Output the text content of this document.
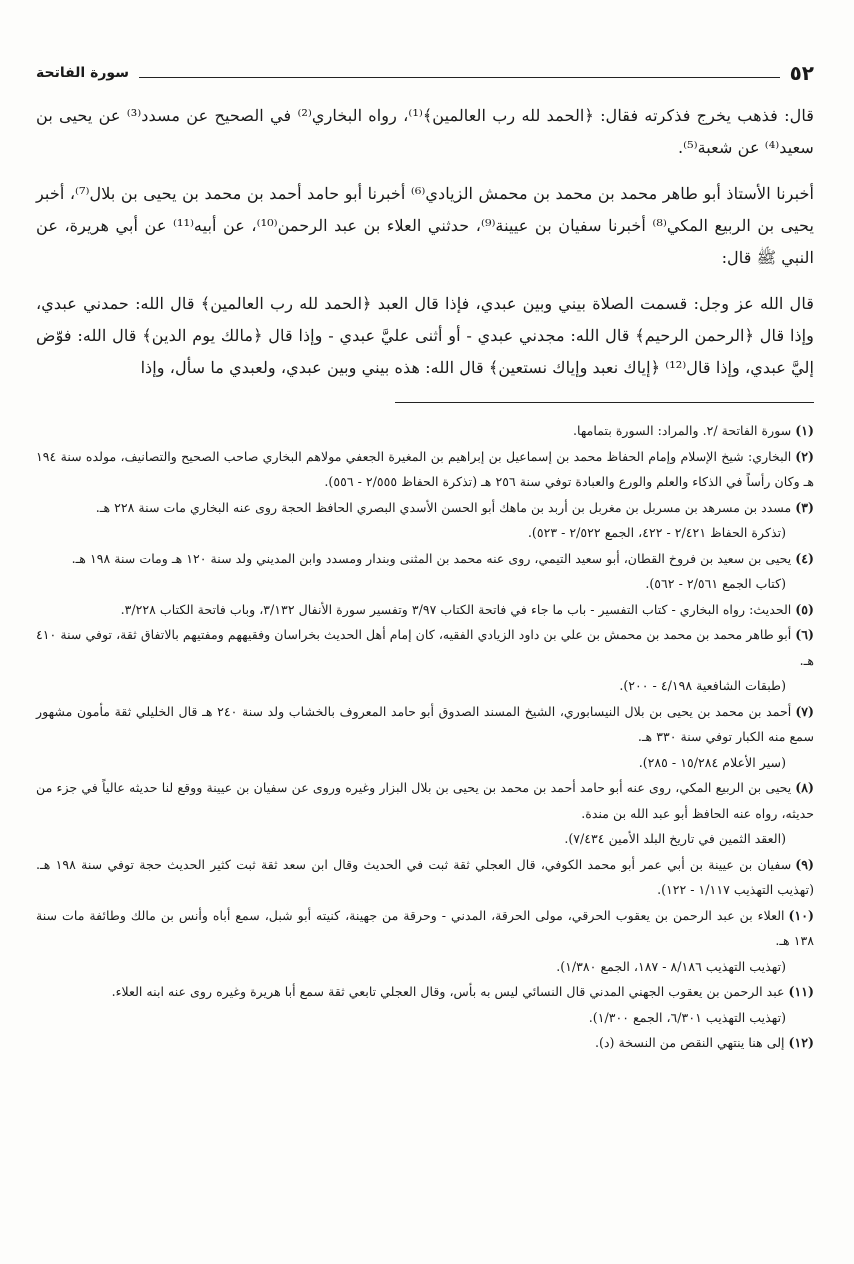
٥٢
سورة الفاتحة

قال: فذهب يخرج فذكرته فقال: ﴿الحمد لله رب العالمين﴾⁽¹⁾، رواه البخاري⁽²⁾ في الصحيح عن مسدد⁽³⁾ عن يحيى بن سعيد⁽⁴⁾ عن شعبة⁽⁵⁾.

أخبرنا الأستاذ أبو طاهر محمد بن محمد بن محمش الزيادي⁽⁶⁾ أخبرنا أبو حامد أحمد بن محمد بن يحيى بن بلال⁽⁷⁾، أخبر يحيى بن الربيع المكي⁽⁸⁾ أخبرنا سفيان بن عيينة⁽⁹⁾، حدثني العلاء بن عبد الرحمن⁽¹⁰⁾، عن أبيه⁽¹¹⁾ عن أبي هريرة، عن النبي ﷺ قال:

قال الله عز وجل: قسمت الصلاة بيني وبين عبدي، فإذا قال العبد ﴿الحمد لله رب العالمين﴾ قال الله: حمدني عبدي، وإذا قال ﴿الرحمن الرحيم﴾ قال الله: مجدني عبدي - أو أثنى عليَّ عبدي - وإذا قال ﴿مالك يوم الدين﴾ قال الله: فوّض إليَّ عبدي، وإذا قال⁽¹²⁾ ﴿إياك نعبد وإياك نستعين﴾ قال الله: هذه بيني وبين عبدي، ولعبدي ما سأل، وإذا

(١)سورة الفاتحة /٢. والمراد: السورة بتمامها.

(٢)البخاري: شيخ الإسلام وإمام الحفاظ محمد بن إسماعيل بن إبراهيم بن المغيرة الجعفي مولاهم البخاري صاحب الصحيح والتصانيف، مولده سنة ١٩٤ هـ وكان رأساً في الذكاء والعلم والورع والعبادة توفي سنة ٢٥٦ هـ (تذكرة الحفاظ ٢/٥٥٥ - ٥٥٦).

(٣)مسدد بن مسرهد بن مسربل بن مغربل بن أربد بن ماهك أبو الحسن الأسدي البصري الحافظ الحجة روى عنه البخاري مات سنة ٢٢٨ هـ.

(تذكرة الحفاظ ٢/٤٢١ - ٤٢٢، الجمع ٢/٥٢٢ - ٥٢٣).

(٤)يحيى بن سعيد بن فروخ القطان، أبو سعيد التيمي، روى عنه محمد بن المثنى وبندار ومسدد وابن المديني ولد سنة ١٢٠ هـ ومات سنة ١٩٨ هـ.

(كتاب الجمع ٢/٥٦١ - ٥٦٢).

(٥)الحديث: رواه البخاري - كتاب التفسير - باب ما جاء في فاتحة الكتاب ٣/٩٧ وتفسير سورة الأنفال ٣/١٣٢، وباب فاتحة الكتاب ٣/٢٢٨.

(٦)أبو طاهر محمد بن محمد بن محمش بن علي بن داود الزيادي الفقيه، كان إمام أهل الحديث بخراسان وفقيههم ومفتيهم بالاتفاق ثقة، توفي سنة ٤١٠ هـ.

(طبقات الشافعية ٤/١٩٨ - ٢٠٠).

(٧)أحمد بن محمد بن يحيى بن بلال النيسابوري، الشيخ المسند الصدوق أبو حامد المعروف بالخشاب ولد سنة ٢٤٠ هـ قال الخليلي ثقة مأمون مشهور سمع منه الكبار توفي سنة ٣٣٠ هـ.

(سير الأعلام ١٥/٢٨٤ - ٢٨٥).

(٨)يحيى بن الربيع المكي، روى عنه أبو حامد أحمد بن محمد بن يحيى بن بلال البزار وغيره وروى عن سفيان بن عيينة ووقع لنا حديثه عالياً في جزء من حديثه، رواه عنه الحافظ أبو عبد الله بن مندة.

(العقد الثمين في تاريخ البلد الأمين ٧/٤٣٤).

(٩)سفيان بن عيينة بن أبي عمر أبو محمد الكوفي، قال العجلي ثقة ثبت في الحديث وقال ابن سعد ثقة ثبت كثير الحديث حجة توفي سنة ١٩٨ هـ. (تهذيب التهذيب ١/١١٧ - ١٢٢).

(١٠)العلاء بن عبد الرحمن بن يعقوب الحرقي، مولى الحرقة، المدني - وحرقة من جهينة، كنيته أبو شبل، سمع أباه وأنس بن مالك وطائفة مات سنة ١٣٨ هـ.

(تهذيب التهذيب ٨/١٨٦ - ١٨٧، الجمع ١/٣٨٠).

(١١)عبد الرحمن بن يعقوب الجهني المدني قال النسائي ليس به بأس، وقال العجلي تابعي ثقة سمع أبا هريرة وغيره روى عنه ابنه العلاء.

(تهذيب التهذيب ٦/٣٠١، الجمع ١/٣٠٠).

(١٢)إلى هنا ينتهي النقص من النسخة (د).
